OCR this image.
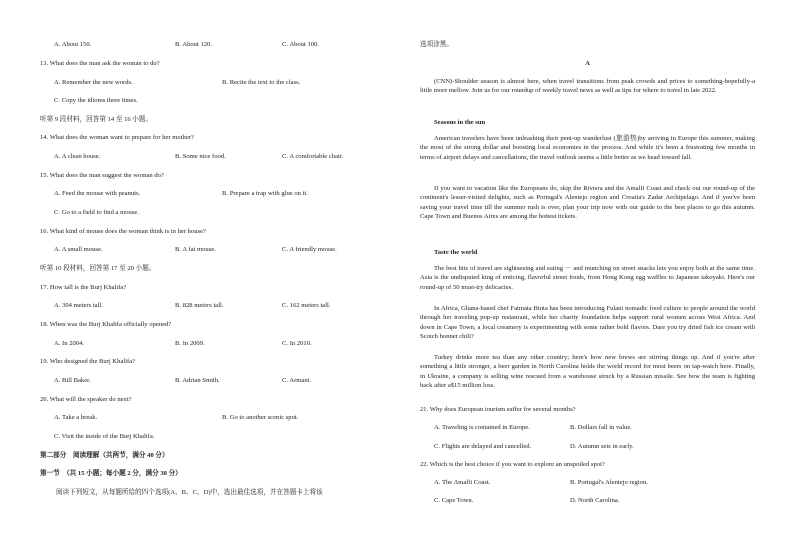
A. About 150.	B. About 120.	C. About 100.
13. What does the man ask the woman to do?
A. Remember the new words.	B. Recite the text to the class.
C. Copy the idioms three times.
听第 9 段材料，回答第 14 至 16 小题。
14. What does the woman want to prepare for her mother?
A. A clean house.	B. Some nice food.	C. A comfortable chair.
15. What does the man suggest the woman do?
A. Feed the mouse with peanuts.	B. Prepare a trap with glue on it.
C. Go to a field to find a mouse.
16. What kind of mouse does the woman think is in her house?
A. A small mouse.	B. A fat mouse.	C. A friendly mouse.
听第 10 段材料，回答第 17 至 20 小题。
17. How tall is the Burj Khalifa?
A. 304 meters tall.	B. 828 meters tall.	C. 162 meters tall.
18. When was the Burj Khalifa officially opened?
A. In 2004.	B. In 2009.	C. In 2010.
19. Who designed the Burj Khalifa?
A. Bill Baker.	B. Adrian Smith.	C. Armani.
20. What will the speaker do next?
A. Take a break.	B. Go to another scenic spot.
C. Visit the inside of the Burj Khalifa.
第二部分　阅读理解（共两节，满分 40 分）
第一节　（共 15 小题；每小题 2 分，满分 30 分）
阅读下列短文，从每题所给的四个选项(A、B、C、D)中，选出最佳选项，并在答题卡上将该
选项涂黑。
A
(CNN)-Shoulder season is almost here, when travel transitions from peak crowds and prices to something-hopefully-a little more mellow. Join us for our roundup of weekly travel news as well as tips for where to travel in late 2022.
Seasons in the sun
American travelers have been unleashing their pent-up wanderlust (旅游热)by arriving in Europe this summer, making the most of the strong dollar and boosting local economies in the process. And while it's been a frustrating few months in terms of airport delays and cancellations, the travel outlook seems a little better as we head toward fall.
If you want to vacation like the Europeans do, skip the Riviera and the Amalfi Coast and check out our round-up of the continent's lesser-visited delights, such as Portugal's Alentejo region and Croatia's Zadar Archipelago. And if you've been saving your travel time till the summer rush is over, plan your trip now with our guide to the best places to go this autumn. Cape Town and Buenos Aires are among the hottest tickets.
Taste the world
The best bits of travel are sightseeing and eating － and munching on street snacks lets you enjoy both at the same time. Asia is the undisputed king of enticing, flavorful street foods, from Hong Kong egg waffles to Japanese takoyaki. Here's our round-up of 50 must-try delicacies.
In Africa, Ghana-based chef Fatmata Binta has been introducing Fulani nomadic food culture to people around the world through her traveling pop-up restaurant, while her charity foundation helps support rural women across West Africa. And down in Cape Town, a local creamery is experimenting with some rather bold flavors. Dare you try dried fish ice cream with Scotch bonnet chili?
Turkey drinks more tea than any other country; here's how new brews are stirring things up. And if you're after something a little stronger, a beer garden in North Carolina holds the world record for most beers on tap-watch here. Finally, in Ukraine, a company is selling wine rescued from a warehouse struck by a Russian missile. See how the team is fighting back after a$15 million loss.
21. Why does European tourism suffer for several months?
A. Traveling is contained in Europe.	B. Dollars fall in value.
C. Flights are delayed and cancelled.	D. Autumn sets in early.
22. Which is the best choice if you want to explore an unspoiled spot?
A. The Amalfi Coast.	B. Portugal's Alentejo region.
C. Cape Town.	D. North Carolina.
